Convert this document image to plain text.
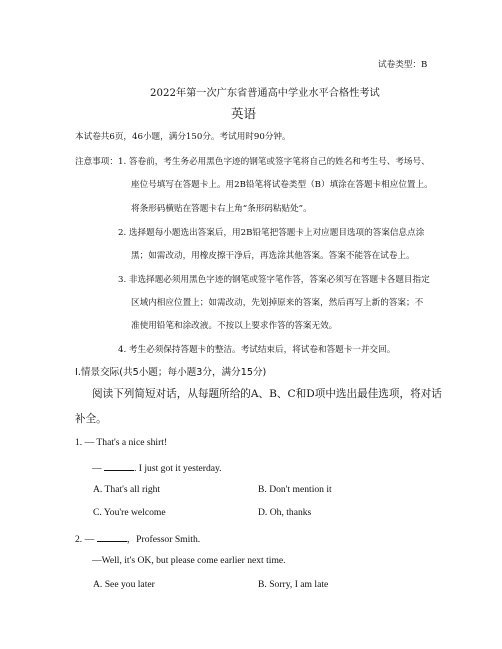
试卷类型：B
2022年第一次广东省普通高中学业水平合格性考试
英语
本试卷共6页，46小题，满分150分。考试用时90分钟。
注意事项： 1. 答卷前，考生务必用黑色字迹的钢笔或签字笔将自己的姓名和考生号、考场号、
座位号填写在答题卡上。用2B铅笔将试卷类型（B）填涂在答题卡相应位置上。
将条形码横贴在答题卡右上角“条形码粘贴处”。
2. 选择题每小题选出答案后，用2B铅笔把答题卡上对应题目选项的答案信息点涂
黑；如需改动，用橡皮擦干净后，再选涂其他答案。答案不能答在试卷上。
3. 非选择题必须用黑色字迹的钢笔或签字笔作答，答案必须写在答题卡各题目指定
区域内相应位置上；如需改动，先划掉原来的答案，然后再写上新的答案；不
准使用铅笔和涂改液。不按以上要求作答的答案无效。
4. 考生必须保持答题卡的整洁。考试结束后，将试卷和答题卡一并交回。
Ⅰ.情景交际(共5小题；每小题3分，满分15分)
阅读下列简短对话，从每题所给的A、B、C和D项中选出最佳选项，将对话
补全。
1. — That's a nice shirt!
—	. I just got it yesterday.
A. That's all right	B. Don't mention it
C. You're welcome	D. Oh, thanks
2. —	，Professor Smith.
—Well, it's OK, but please come earlier next time.
A. See you later	B. Sorry, I am late
